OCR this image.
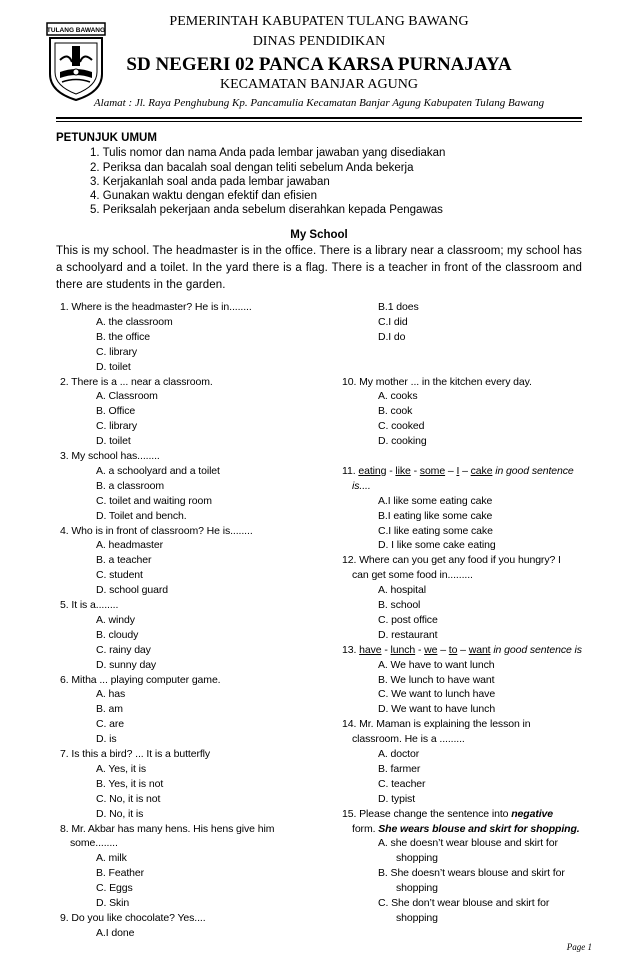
TULANG BAWANG
PEMERINTAH KABUPATEN TULANG BAWANG
DINAS PENDIDIKAN
SD NEGERI 02 PANCA KARSA PURNAJAYA
KECAMATAN BANJAR AGUNG
Alamat : Jl. Raya Penghubung Kp. Pancamulia Kecamatan Banjar Agung Kabupaten Tulang Bawang
PETUNJUK UMUM
1. Tulis nomor dan nama Anda pada lembar jawaban yang disediakan
2. Periksa dan bacalah soal dengan teliti sebelum Anda bekerja
3. Kerjakanlah soal anda pada lembar jawaban
4. Gunakan waktu dengan efektif dan efisien
5. Periksalah pekerjaan anda sebelum diserahkan kepada Pengawas
My School
This is my school. The headmaster is in the office. There is a library near a classroom; my school has a schoolyard and a toilet. In the yard there is a flag. There is a teacher in front of the classroom and there are students in the garden.
1. Where is the headmaster? He is in........
A. the classroom
B. the office
C. library
D. toilet
2. There is a ... near a classroom.
A. Classroom
B. Office
C. library
D. toilet
3. My school has........
A. a schoolyard and a toilet
B. a classroom
C. toilet and waiting room
D. Toilet and bench.
4. Who is in front of classroom? He is........
A. headmaster
B. a teacher
C. student
D. school guard
5. It is a........
A. windy
B. cloudy
C. rainy day
D. sunny day
6. Mitha ... playing computer game.
A. has
B. am
C. are
D. is
7. Is this a bird? ... It is a butterfly
A. Yes, it is
B. Yes, it is not
C. No, it is not
D. No, it is
8. Mr. Akbar has many hens. His hens give him
some........
A. milk
B. Feather
C. Eggs
D. Skin
9. Do you like chocolate? Yes....
A.I done
B.1 does
C.I did
D.I do
10. My mother ... in the kitchen every day.
A. cooks
B. cook
C. cooked
D. cooking
11. eating - like - some – I – cake in good sentence
is....
A.I like some eating cake
B.I eating like some cake
C.I like eating some cake
D. I like some cake eating
12. Where can you get any food if you hungry? I
can get some food in.........
A. hospital
B. school
C. post office
D. restaurant
13. have - lunch - we – to – want in good sentence is
A. We have to want lunch
B. We lunch to have want
C. We want to lunch have
D. We want to have lunch
14. Mr. Maman is explaining the lesson in
classroom. He is a .........
A. doctor
B. farmer
C. teacher
D. typist
15. Please change the sentence into negative
form. She wears blouse and skirt for shopping.
A. she doesn’t wear blouse and skirt for
shopping
B. She doesn’t wears blouse and skirt for
shopping
C. She don’t wear blouse and skirt for
shopping
Page 1
